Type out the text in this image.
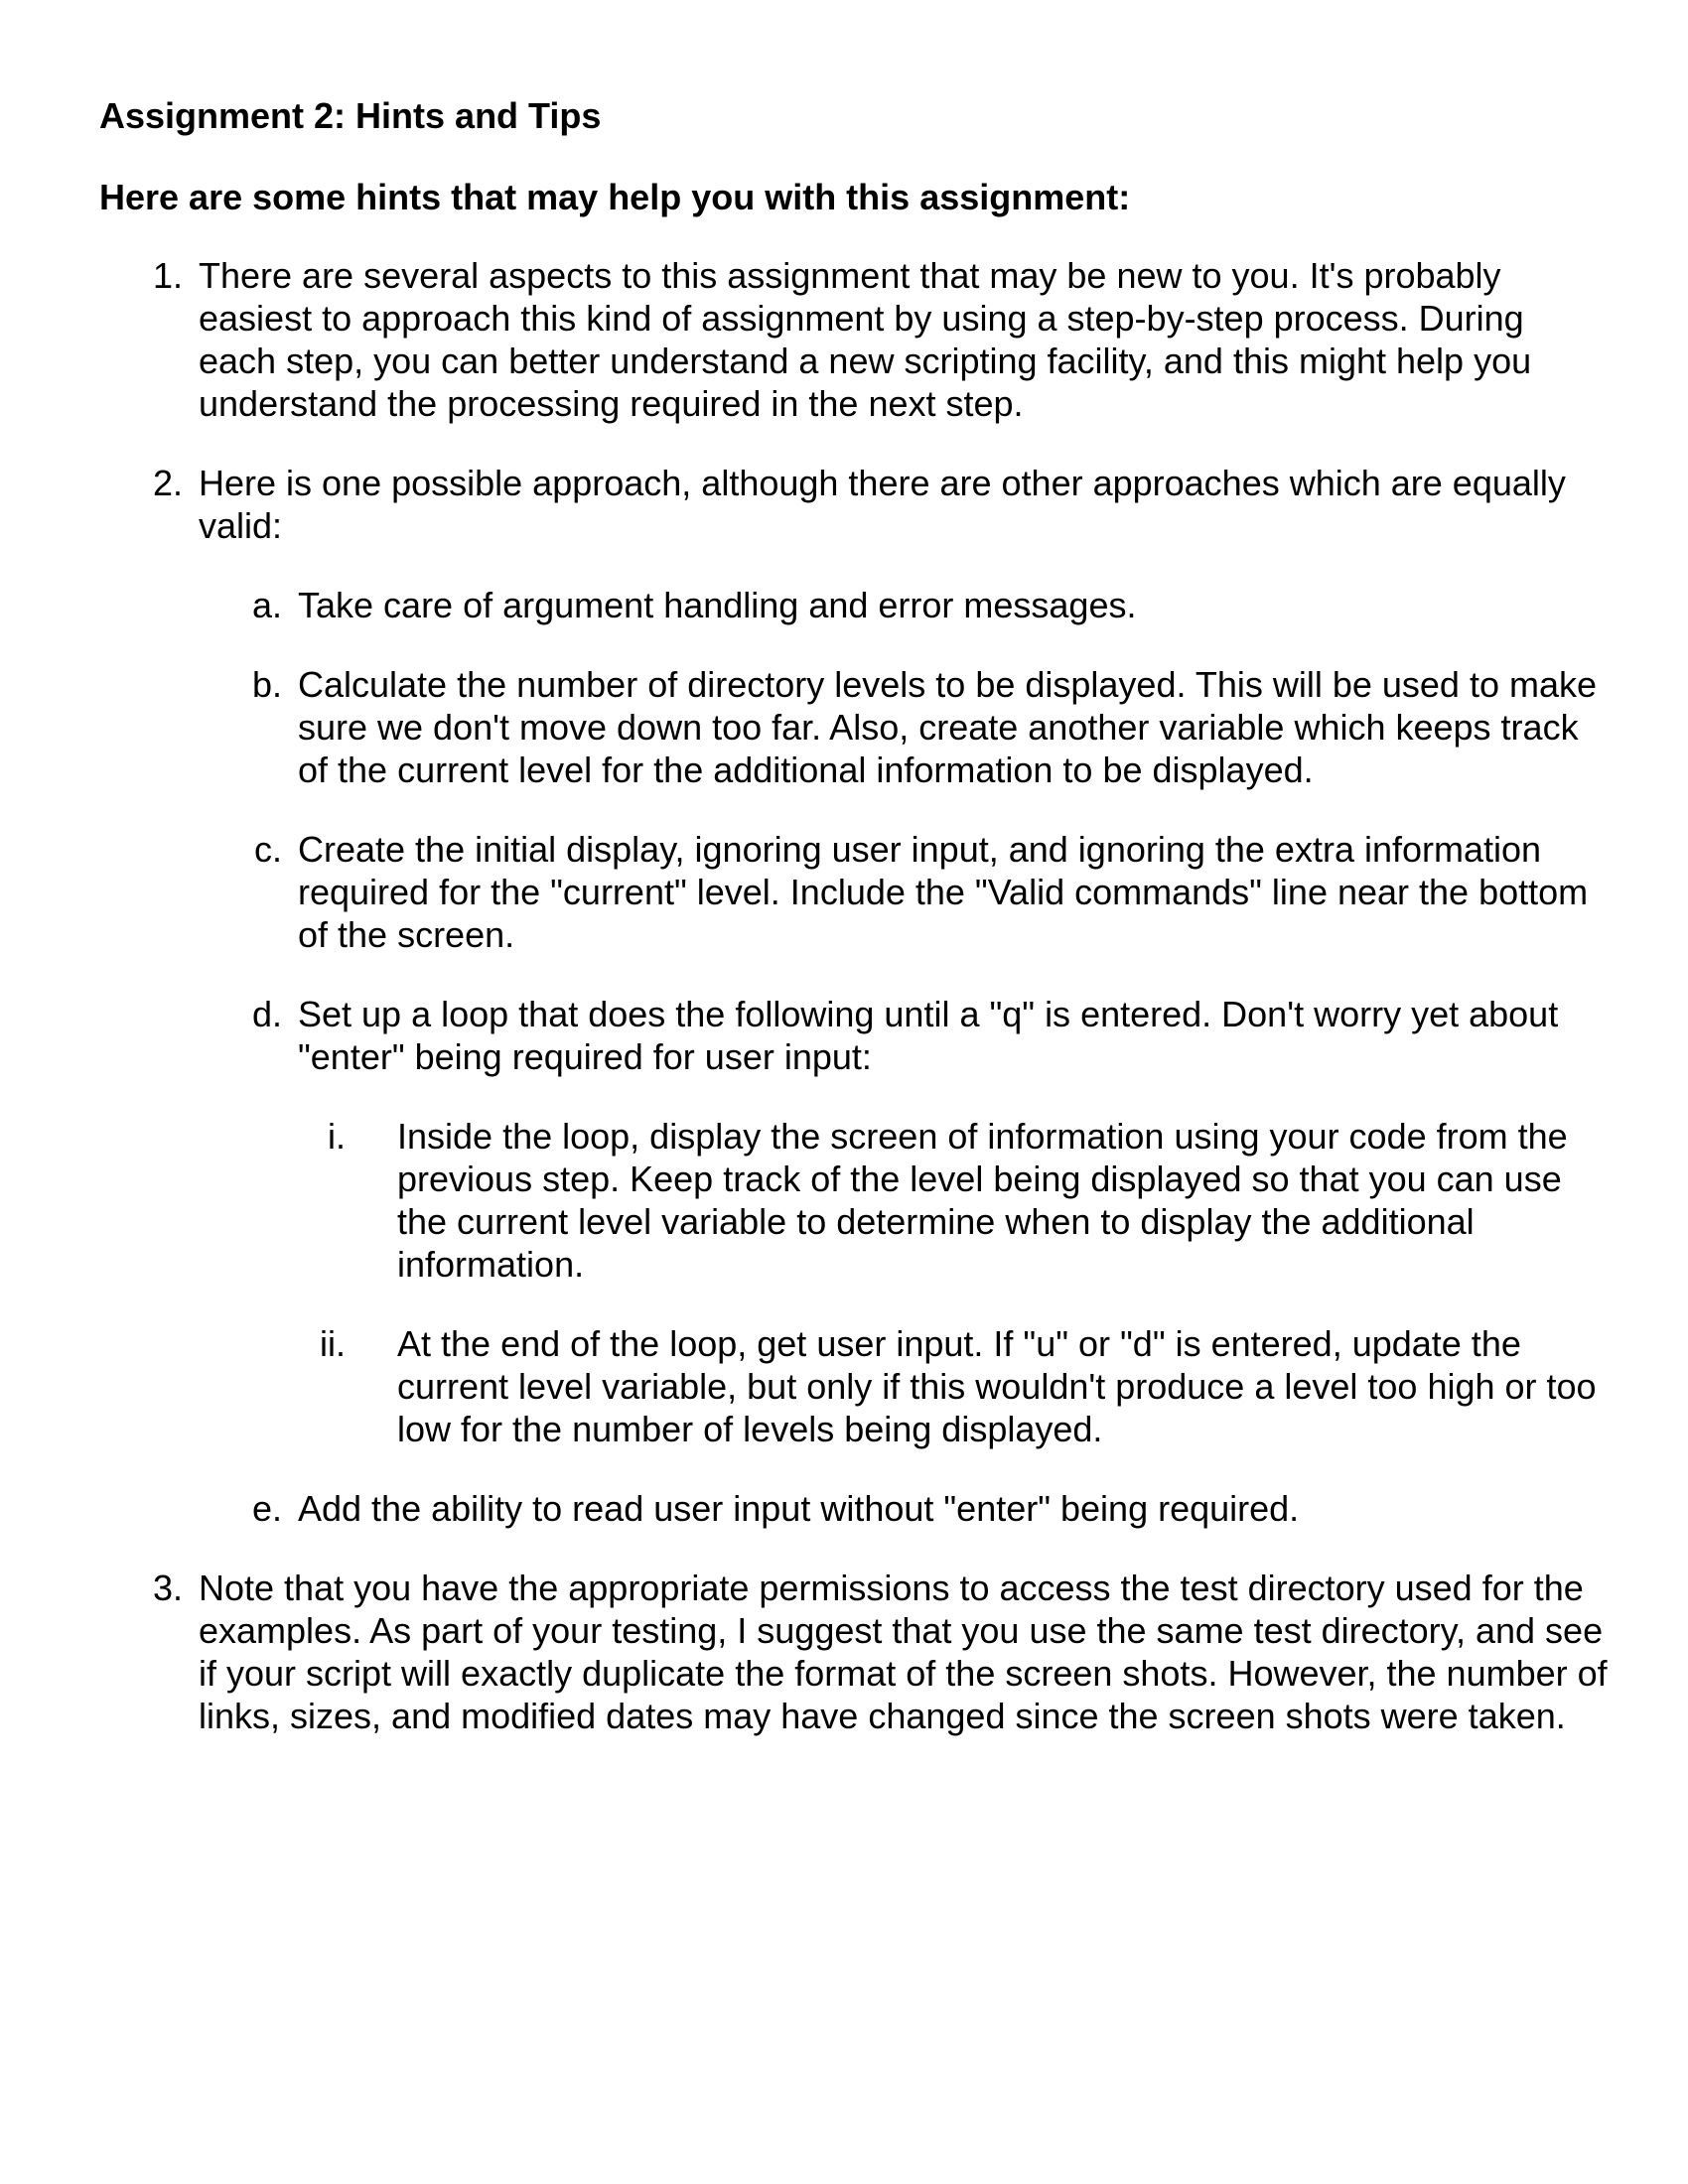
Assignment 2: Hints and Tips

Here are some hints that may help you with this assignment:

1. There are several aspects to this assignment that may be new to you. It's probably easiest to approach this kind of assignment by using a step-by-step process. During each step, you can better understand a new scripting facility, and this might help you understand the processing required in the next step.
2. Here is one possible approach, although there are other approaches which are equally valid:
a. Take care of argument handling and error messages.
b. Calculate the number of directory levels to be displayed. This will be used to make sure we don't move down too far. Also, create another variable which keeps track of the current level for the additional information to be displayed.
c. Create the initial display, ignoring user input, and ignoring the extra information required for the "current" level. Include the "Valid commands" line near the bottom of the screen.
d. Set up a loop that does the following until a "q" is entered. Don't worry yet about "enter" being required for user input:
i. Inside the loop, display the screen of information using your code from the previous step. Keep track of the level being displayed so that you can use the current level variable to determine when to display the additional information.
ii. At the end of the loop, get user input. If "u" or "d" is entered, update the current level variable, but only if this wouldn't produce a level too high or too low for the number of levels being displayed.
e. Add the ability to read user input without "enter" being required.
3. Note that you have the appropriate permissions to access the test directory used for the examples. As part of your testing, I suggest that you use the same test directory, and see if your script will exactly duplicate the format of the screen shots. However, the number of links, sizes, and modified dates may have changed since the screen shots were taken.
